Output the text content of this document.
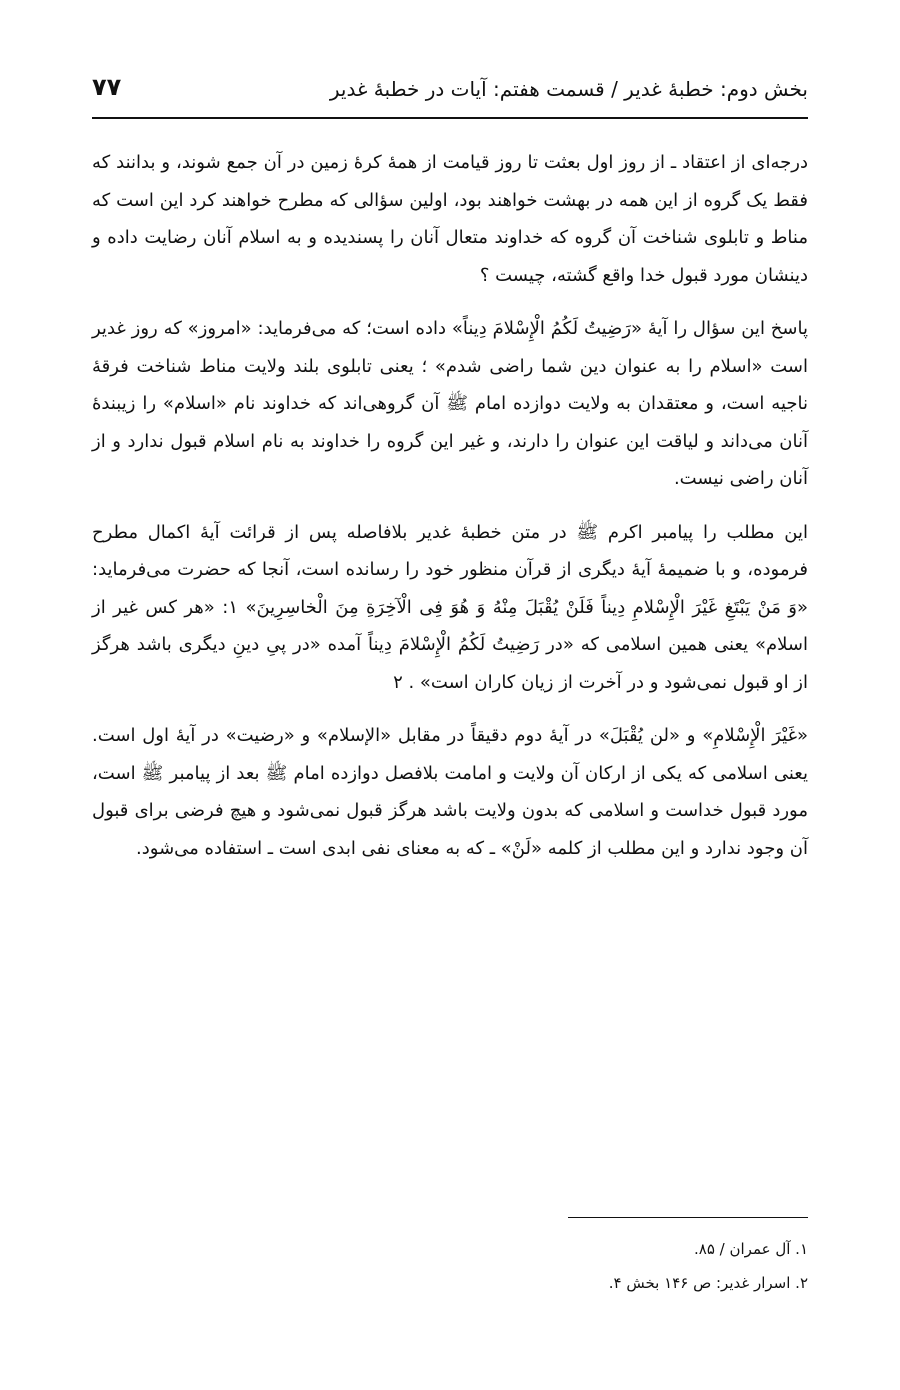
بخش دوم: خطبهٔ غدیر / قسمت هفتم: آیات در خطبهٔ غدیر
۷۷

درجه‌ای از اعتقاد ـ از روز اول بعثت تا روز قیامت از همهٔ کرهٔ زمین در آن جمع شوند، و بدانند که فقط یک گروه از این همه در بهشت خواهند بود، اولین سؤالی که مطرح خواهند کرد این است که مناط و تابلوی شناخت آن گروه که خداوند متعال آنان را پسندیده و به اسلام آنان رضایت داده و دینشان مورد قبول خدا واقع گشته، چیست ؟

پاسخ این سؤال را آیهٔ «رَضِیتُ لَکُمُ الْإِسْلامَ دِیناً» داده است؛ که می‌فرماید: «امروز» که روز غدیر است «اسلام را به عنوان دین شما راضی شدم» ؛ یعنی تابلوی بلند ولایت مناط شناخت فرقهٔ ناجیه است، و معتقدان به ولایت دوازده امام ﷺ آن گروهی‌اند که خداوند نام «اسلام» را زیبندهٔ آنان می‌داند و لیاقت این عنوان را دارند، و غیر این گروه را خداوند به نام اسلام قبول ندارد و از آنان راضی نیست.

این مطلب را پیامبر اکرم ﷺ در متن خطبهٔ غدیر بلافاصله پس از قرائت آیهٔ اکمال مطرح فرموده، و با ضمیمهٔ آیهٔ دیگری از قرآن منظور خود را رسانده است، آنجا که حضرت می‌فرماید: «وَ مَنْ یَبْتَغِ غَیْرَ الْإِسْلامِ دِیناً فَلَنْ یُقْبَلَ مِنْهُ وَ هُوَ فِی الْآخِرَةِ مِنَ الْخاسِرِینَ» ۱: «هر کس غیر از اسلام» یعنی همین اسلامی که «در رَضِیتُ لَکُمُ الْإِسْلامَ دِیناً آمده «در پیِ دینِ دیگری باشد هرگز از او قبول نمی‌شود و در آخرت از زیان کاران است» . ۲

«غَیْرَ الْإِسْلامِ» و «لن یُقْبَلَ» در آیهٔ دوم دقیقاً در مقابل «الإسلام» و «رضیت» در آیهٔ اول است. یعنی اسلامی که یکی از ارکان آن ولایت و امامت بلافصل دوازده امام ﷺ بعد از پیامبر ﷺ است، مورد قبول خداست و اسلامی که بدون ولایت باشد هرگز قبول نمی‌شود و هیچ فرضی برای قبول آن وجود ندارد و این مطلب از کلمه «لَنْ» ـ که به معنای نفی ابدی است ـ استفاده می‌شود.

۱. آل عمران / ۸۵.
۲. اسرار غدیر: ص ۱۴۶ بخش ۴.
